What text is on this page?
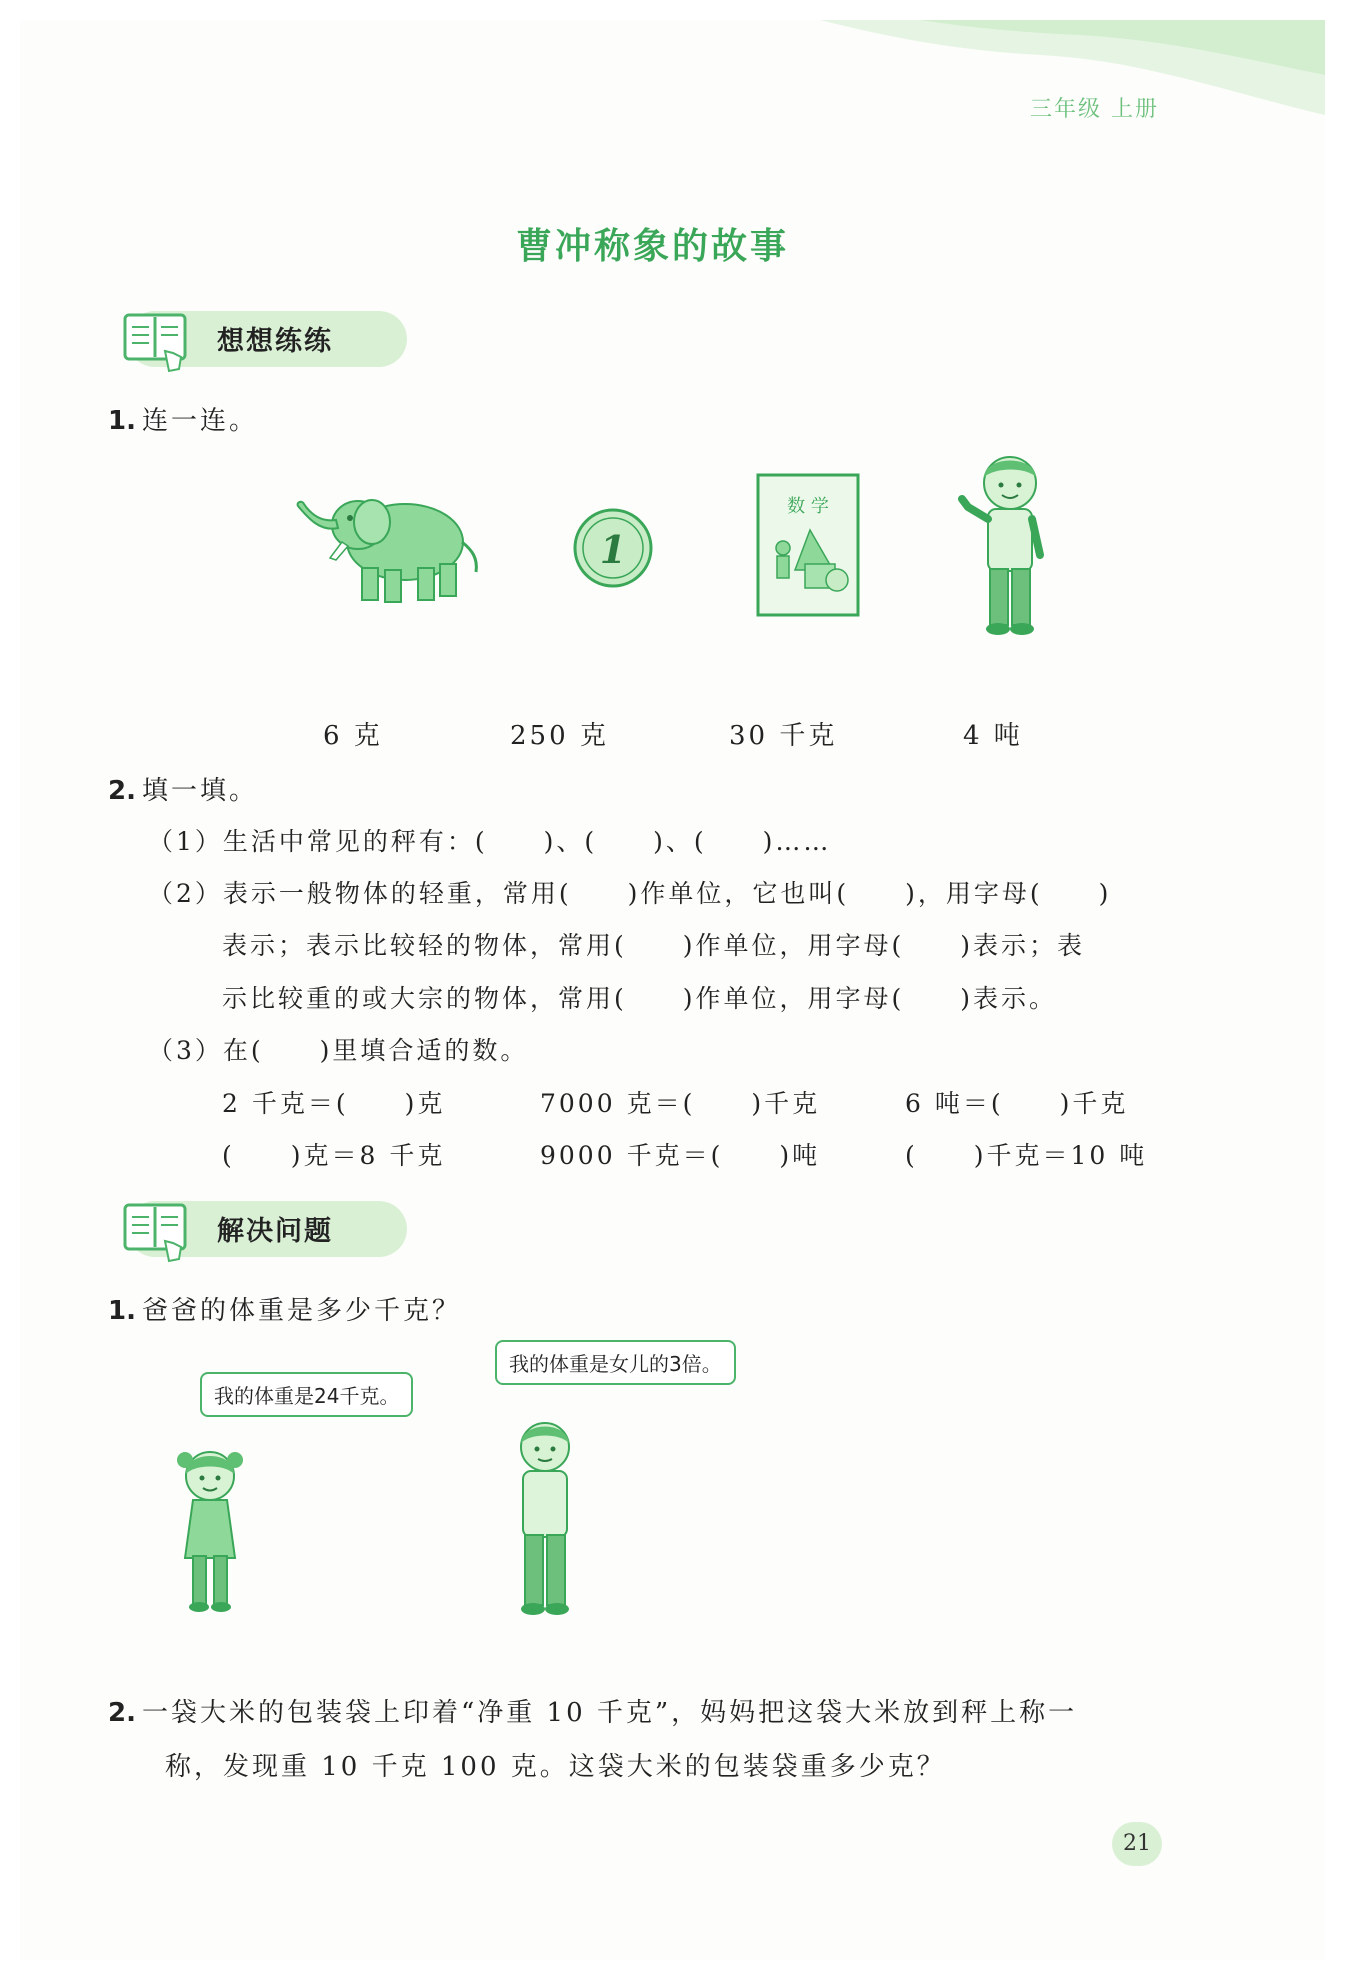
三年级 上册
曹冲称象的故事
想想练练
1. 连一连。
1
数 学
6 克	250 克	30 千克	4 吨
2. 填一填。
（1）生活中常见的秤有：(　　)、(　　)、(　　)……
（2）表示一般物体的轻重，常用(　　)作单位，它也叫(　　)，用字母(　　)
表示；表示比较轻的物体，常用(　　)作单位，用字母(　　)表示；表
示比较重的或大宗的物体，常用(　　)作单位，用字母(　　)表示。
（3）在(　　)里填合适的数。
2 千克＝(　　)克	7000 克＝(　　)千克	6 吨＝(　　)千克
(　　)克＝8 千克	9000 千克＝(　　)吨	(　　)千克＝10 吨
解决问题
1. 爸爸的体重是多少千克？
我的体重是24千克。
我的体重是女儿的3倍。
2. 一袋大米的包装袋上印着“净重 10 千克”，妈妈把这袋大米放到秤上称一
称，发现重 10 千克 100 克。这袋大米的包装袋重多少克？
21
